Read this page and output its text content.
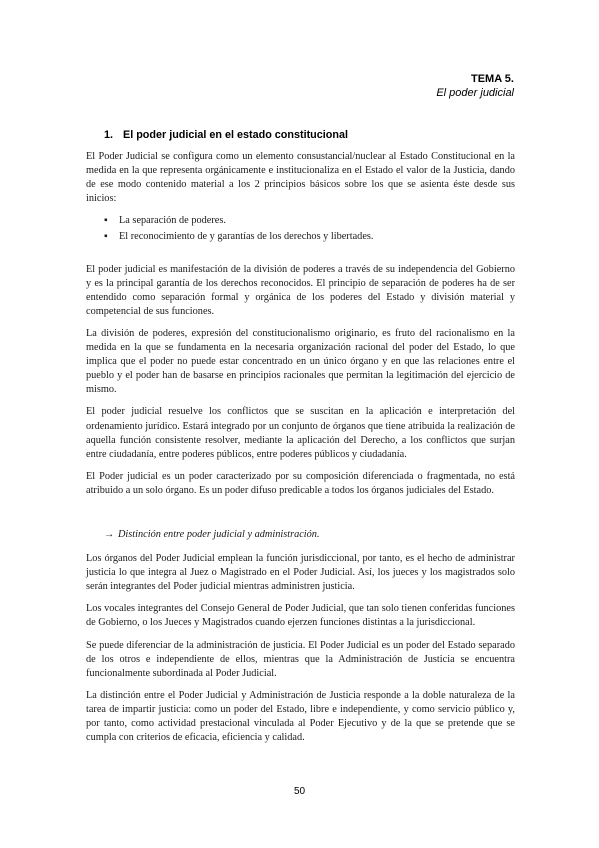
TEMA 5.
El poder judicial
1. El poder judicial en el estado constitucional

El Poder Judicial se configura como un elemento consustancial/nuclear al Estado Constitucional en la medida en la que representa orgánicamente e institucionaliza en el Estado el valor de la Justicia, dando de ese modo contenido material a los 2 principios básicos sobre los que se asienta éste desde sus inicios:

▪ La separación de poderes.
▪ El reconocimiento de y garantías de los derechos y libertades.

El poder judicial es manifestación de la división de poderes a través de su independencia del Gobierno y es la principal garantía de los derechos reconocidos. El principio de separación de poderes ha de ser entendido como separación formal y orgánica de los poderes del Estado y división material y competencial de sus funciones.

La división de poderes, expresión del constitucionalismo originario, es fruto del racionalismo en la medida en la que se fundamenta en la necesaria organización racional del poder del Estado, lo que implica que el poder no puede estar concentrado en un único órgano y en que las relaciones entre el pueblo y el poder han de basarse en principios racionales que permitan la legitimación del ejercicio de mismo.

El poder judicial resuelve los conflictos que se suscitan en la aplicación e interpretación del ordenamiento jurídico. Estará integrado por un conjunto de órganos que tiene atribuida la realización de aquella función consistente resolver, mediante la aplicación del Derecho, a los conflictos que surjan entre ciudadanía, entre poderes públicos, entre poderes públicos y ciudadanía.

El Poder judicial es un poder caracterizado por su composición diferenciada o fragmentada, no está atribuido a un solo órgano. Es un poder difuso predicable a todos los órganos judiciales del Estado.

→ Distinción entre poder judicial y administración.

Los órganos del Poder Judicial emplean la función jurisdiccional, por tanto, es el hecho de administrar justicia lo que integra al Juez o Magistrado en el Poder Judicial. Así, los jueces y los magistrados solo serán integrantes del Poder judicial mientras administren justicia.

Los vocales integrantes del Consejo General de Poder Judicial, que tan solo tienen conferidas funciones de Gobierno, o los Jueces y Magistrados cuando ejerzen funciones distintas a la jurisdiccional.

Se puede diferenciar de la administración de justicia. El Poder Judicial es un poder del Estado separado de los otros e independiente de ellos, mientras que la Administración de Justicia se encuentra funcionalmente subordinada al Poder Judicial.

La distinción entre el Poder Judicial y Administración de Justicia responde a la doble naturaleza de la tarea de impartir justicia: como un poder del Estado, libre e independiente, y como servicio público y, por tanto, como actividad prestacional vinculada al Poder Ejecutivo y de la que se pretende que se cumpla con criterios de eficacia, eficiencia y calidad.

50
